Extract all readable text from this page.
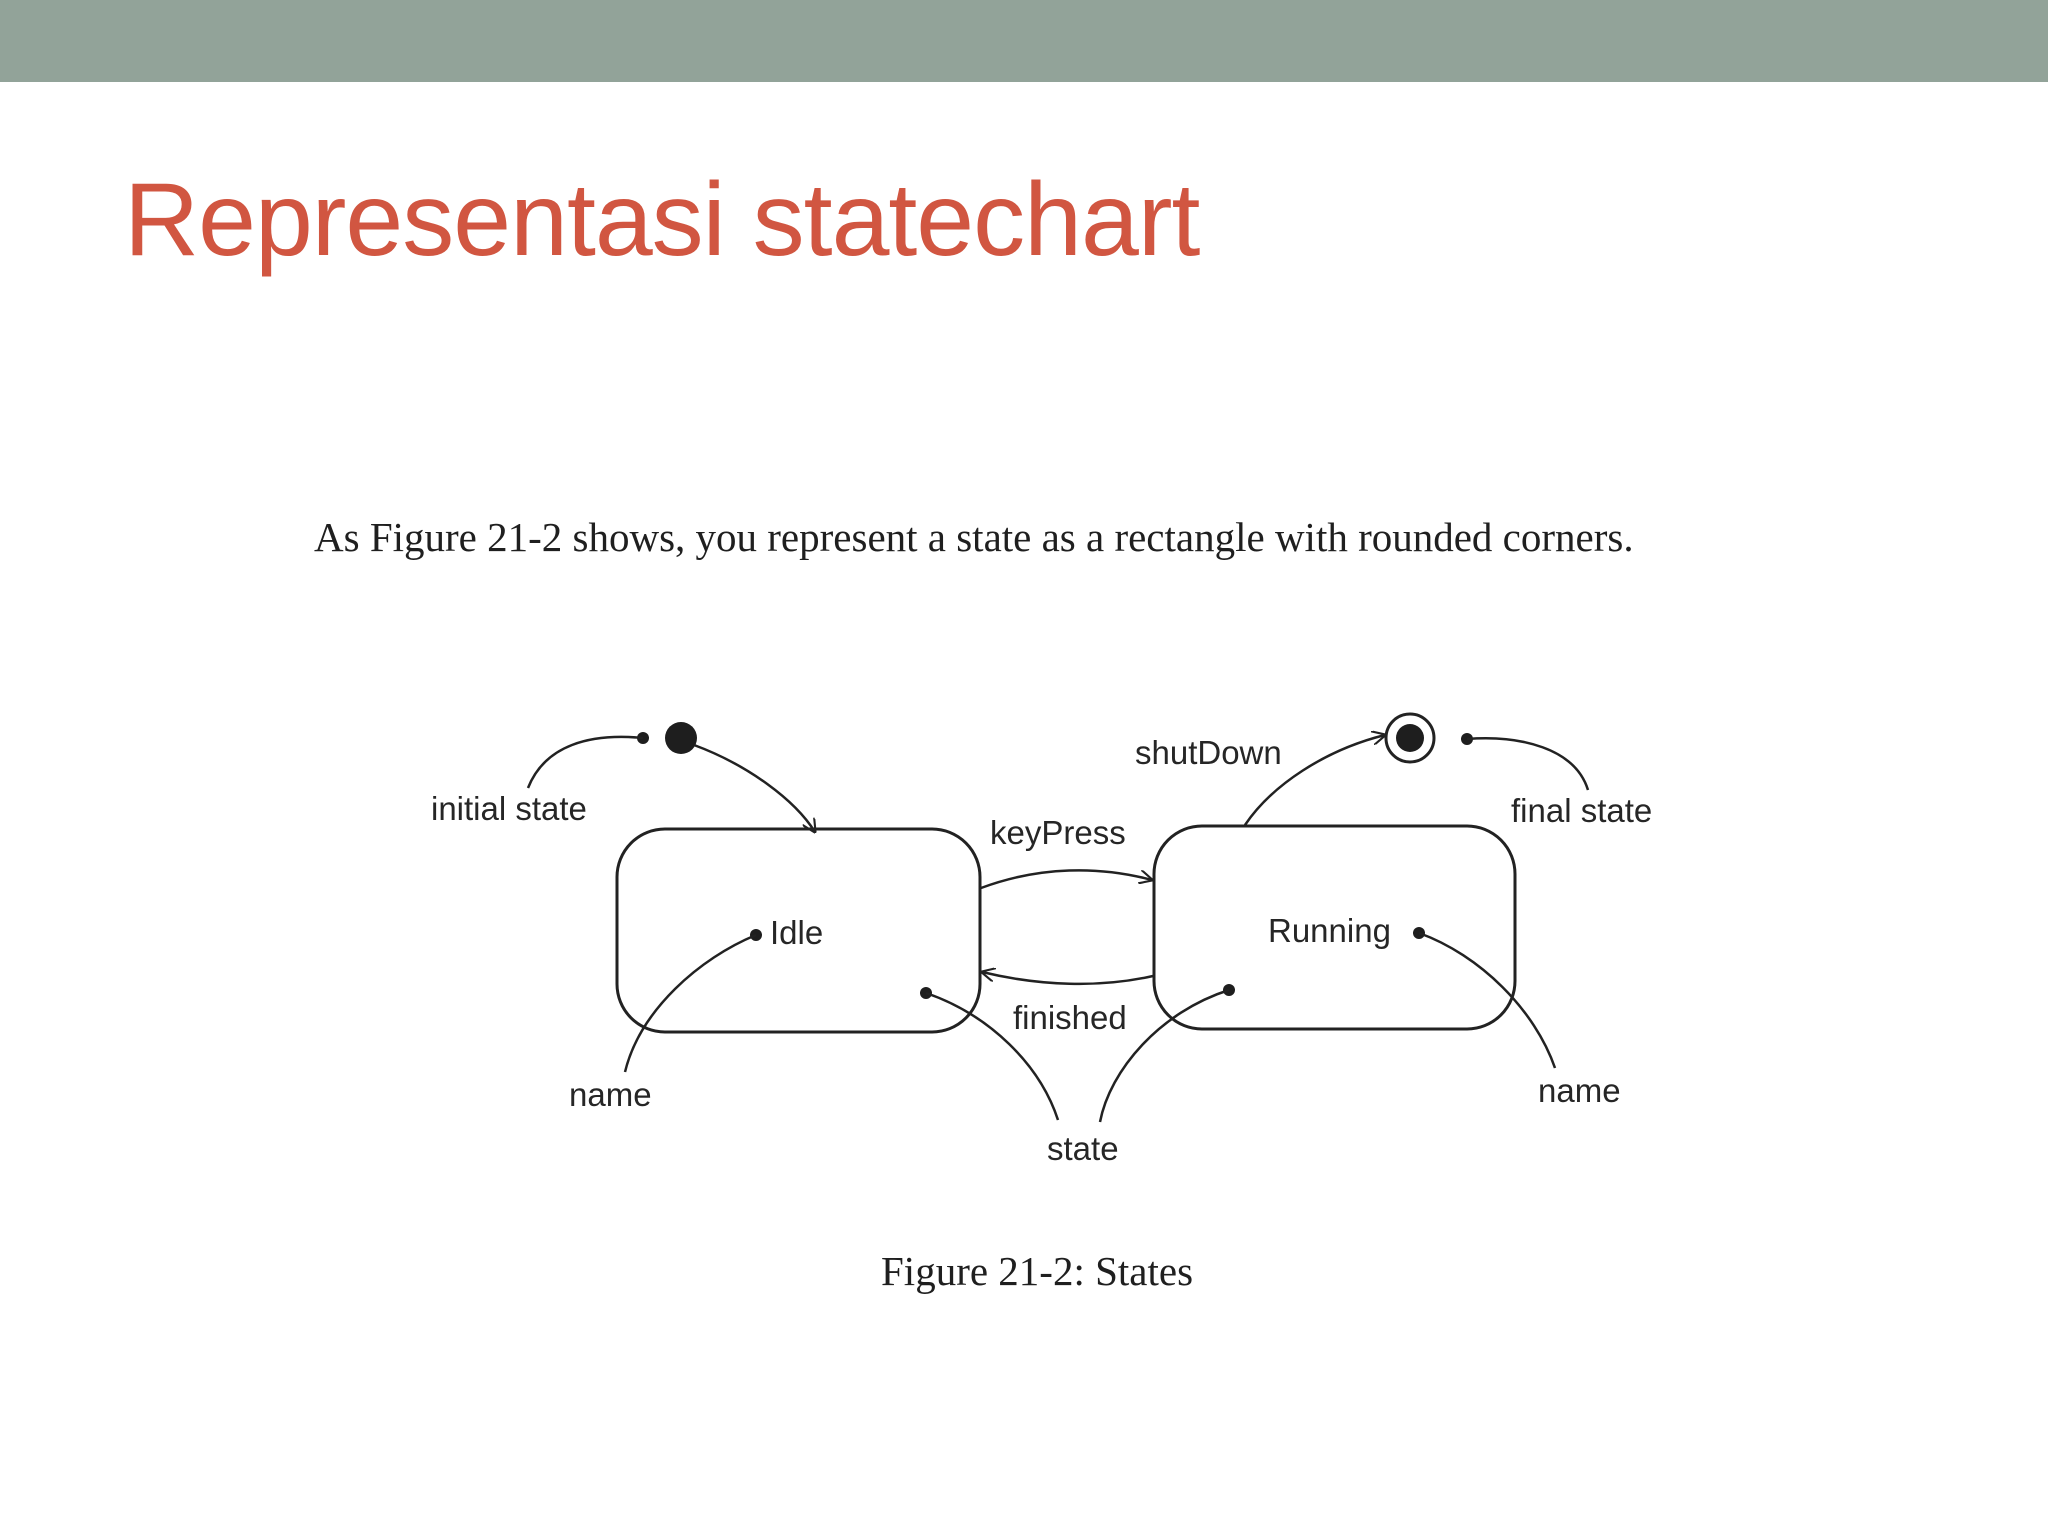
Representasi statechart

As Figure 21-2 shows, you represent a state as a rectangle with rounded corners.

Idle	Running
keyPress
finished
shutDown
initial state	final state
name	name
state
Figure 21-2: States
